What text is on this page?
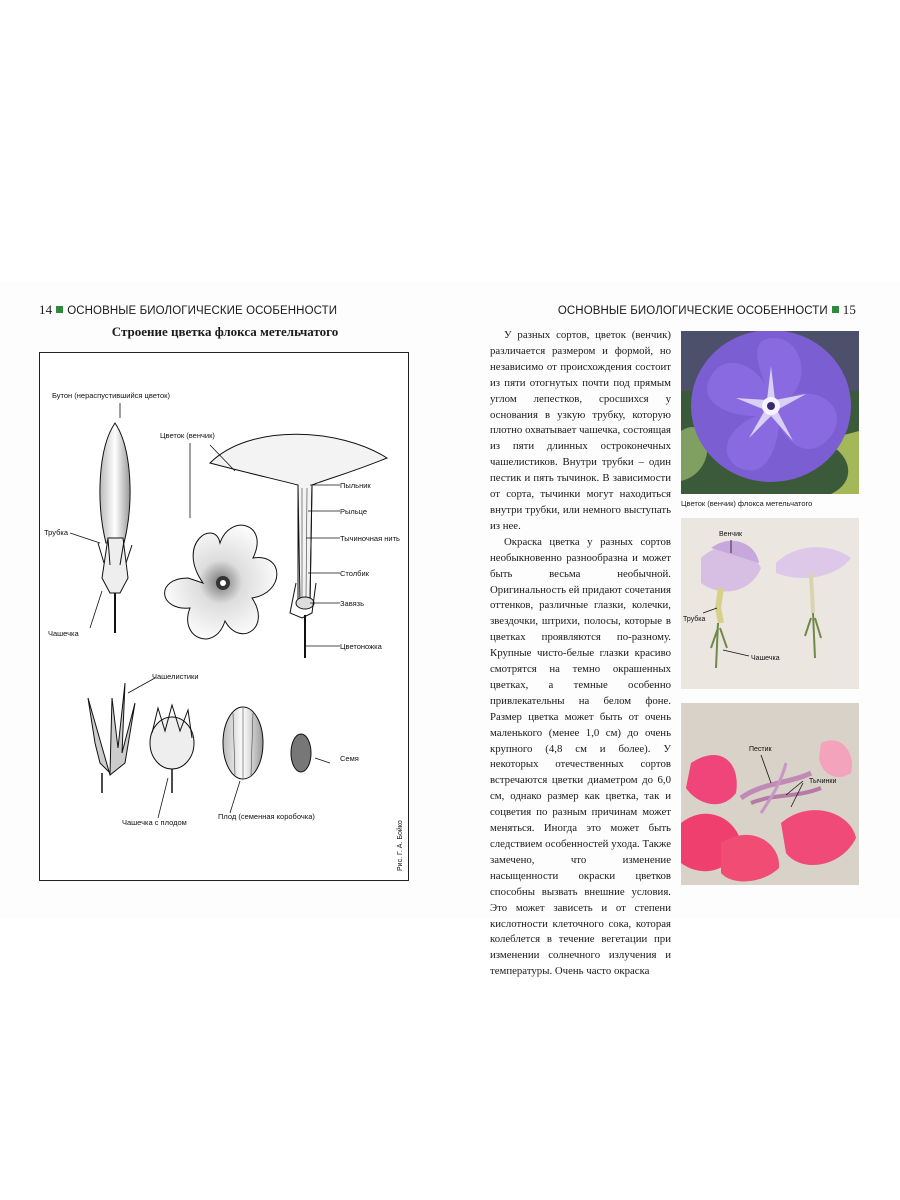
14 ОСНОВНЫЕ БИОЛОГИЧЕСКИЕ ОСОБЕННОСТИ	ОСНОВНЫЕ БИОЛОГИЧЕСКИЕ ОСОБЕННОСТИ 15
Строение цветка флокса метельчатого
Бутон (нераспустившийся цветок)
Цветок (венчик)
Пыльник
Рыльце
Тычиночная нить
Трубка
Столбик
Завязь
Цветоножка
Чашечка
Чашелистики
Семя
Чашечка с плодом
Плод (семенная коробочка)
Рис. Г. А. Бойко

У разных сортов, цветок (венчик) различается размером и формой, но независимо от происхождения состоит из пяти отогнутых почти под прямым углом лепестков, сросшихся у основания в узкую трубку, которую плотно охватывает чашечка, состоящая из пяти длинных остроконечных чашелистиков. Внутри трубки – один пестик и пять тычинок. В зависимости от сорта, тычинки могут находиться внутри трубки, или немного выступать из нее.

Окраска цветка у разных сортов необыкновенно разнообразна и может быть весьма необычной. Оригинальность ей придают сочетания оттенков, различные глазки, колечки, звездочки, штрихи, полосы, которые в цветках проявляются по-разному. Крупные чисто-белые глазки красиво смотрятся на темно окрашенных цветках, а темные особенно привлекательны на белом фоне. Размер цветка может быть от очень маленького (менее 1,0 см) до очень крупного (4,8 см и более). У некоторых отечественных сортов встречаются цветки диаметром до 6,0 см, однако размер как цветка, так и соцветия по разным причинам может меняться. Иногда это может быть следствием особенностей ухода. Также замечено, что изменение насыщенности окраски цветков способны вызвать внешние условия. Это может зависеть и от степени кислотности клеточного сока, которая колеблется в течение вегетации при изменении солнечного излучения и температуры. Очень часто окраска

Цветок (венчик) флокса метельчатого
Венчик
Трубка
Чашечка
Пестик
Тычинки
